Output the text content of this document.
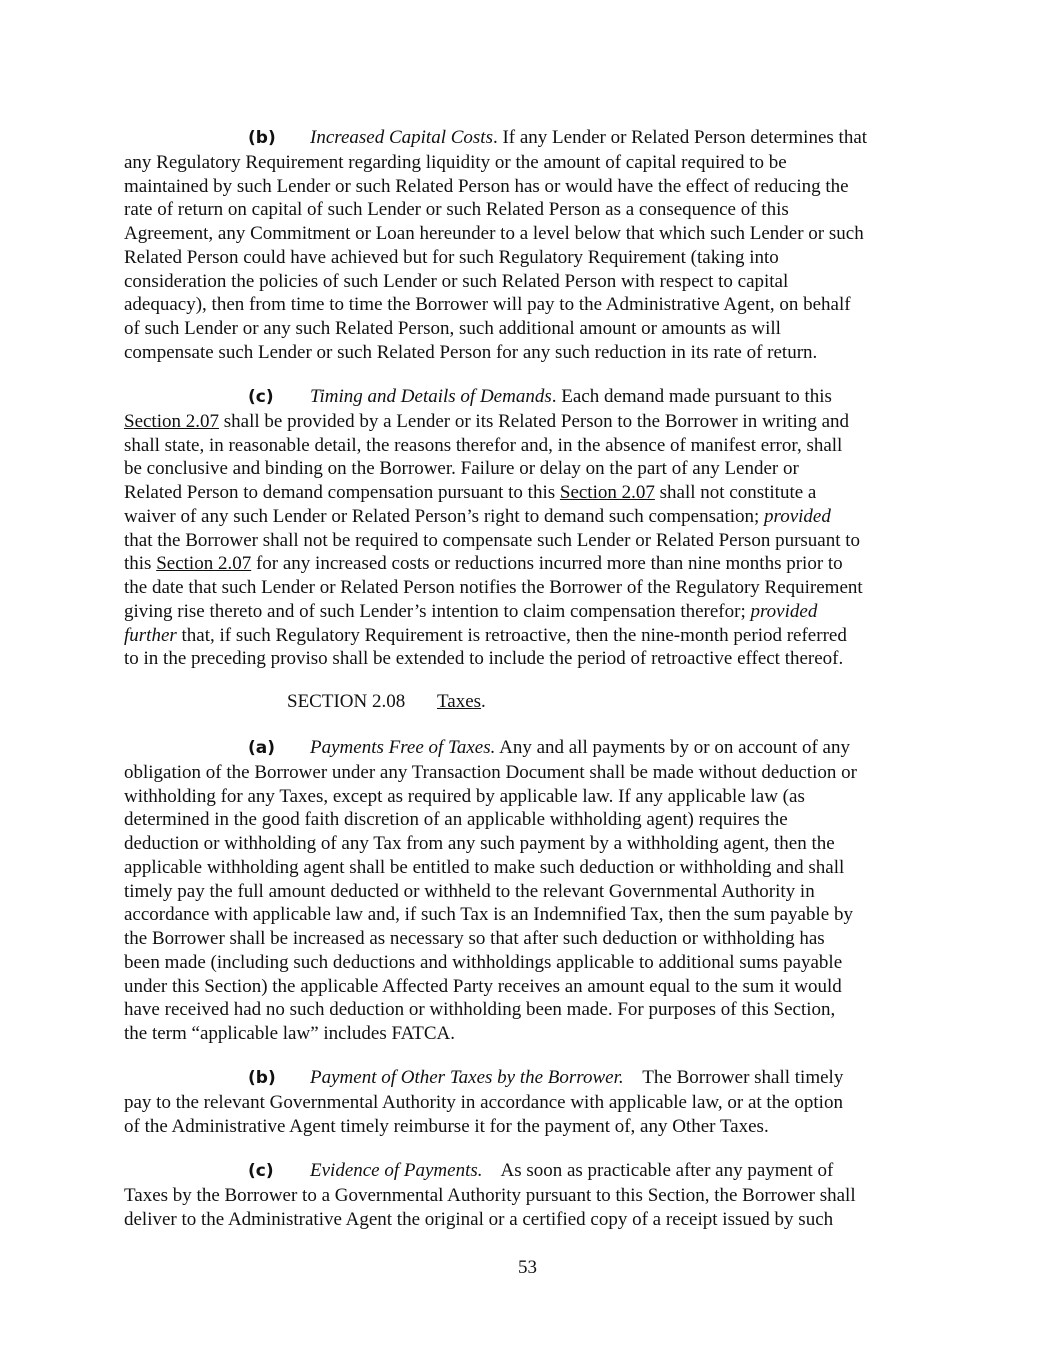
(b) Increased Capital Costs. If any Lender or Related Person determines that
any Regulatory Requirement regarding liquidity or the amount of capital required to be
maintained by such Lender or such Related Person has or would have the effect of reducing the
rate of return on capital of such Lender or such Related Person as a consequence of this
Agreement, any Commitment or Loan hereunder to a level below that which such Lender or such
Related Person could have achieved but for such Regulatory Requirement (taking into
consideration the policies of such Lender or such Related Person with respect to capital
adequacy), then from time to time the Borrower will pay to the Administrative Agent, on behalf
of such Lender or any such Related Person, such additional amount or amounts as will
compensate such Lender or such Related Person for any such reduction in its rate of return.
(c) Timing and Details of Demands. Each demand made pursuant to this
Section 2.07 shall be provided by a Lender or its Related Person to the Borrower in writing and
shall state, in reasonable detail, the reasons therefor and, in the absence of manifest error, shall
be conclusive and binding on the Borrower. Failure or delay on the part of any Lender or
Related Person to demand compensation pursuant to this Section 2.07 shall not constitute a
waiver of any such Lender or Related Person’s right to demand such compensation; provided
that the Borrower shall not be required to compensate such Lender or Related Person pursuant to
this Section 2.07 for any increased costs or reductions incurred more than nine months prior to
the date that such Lender or Related Person notifies the Borrower of the Regulatory Requirement
giving rise thereto and of such Lender’s intention to claim compensation therefor; provided
further that, if such Regulatory Requirement is retroactive, then the nine-month period referred
to in the preceding proviso shall be extended to include the period of retroactive effect thereof.
SECTION 2.08 Taxes.
(a) Payments Free of Taxes. Any and all payments by or on account of any
obligation of the Borrower under any Transaction Document shall be made without deduction or
withholding for any Taxes, except as required by applicable law. If any applicable law (as
determined in the good faith discretion of an applicable withholding agent) requires the
deduction or withholding of any Tax from any such payment by a withholding agent, then the
applicable withholding agent shall be entitled to make such deduction or withholding and shall
timely pay the full amount deducted or withheld to the relevant Governmental Authority in
accordance with applicable law and, if such Tax is an Indemnified Tax, then the sum payable by
the Borrower shall be increased as necessary so that after such deduction or withholding has
been made (including such deductions and withholdings applicable to additional sums payable
under this Section) the applicable Affected Party receives an amount equal to the sum it would
have received had no such deduction or withholding been made. For purposes of this Section,
the term “applicable law” includes FATCA.
(b) Payment of Other Taxes by the Borrower.    The Borrower shall timely
pay to the relevant Governmental Authority in accordance with applicable law, or at the option
of the Administrative Agent timely reimburse it for the payment of, any Other Taxes.
(c) Evidence of Payments.    As soon as practicable after any payment of
Taxes by the Borrower to a Governmental Authority pursuant to this Section, the Borrower shall
deliver to the Administrative Agent the original or a certified copy of a receipt issued by such
53
